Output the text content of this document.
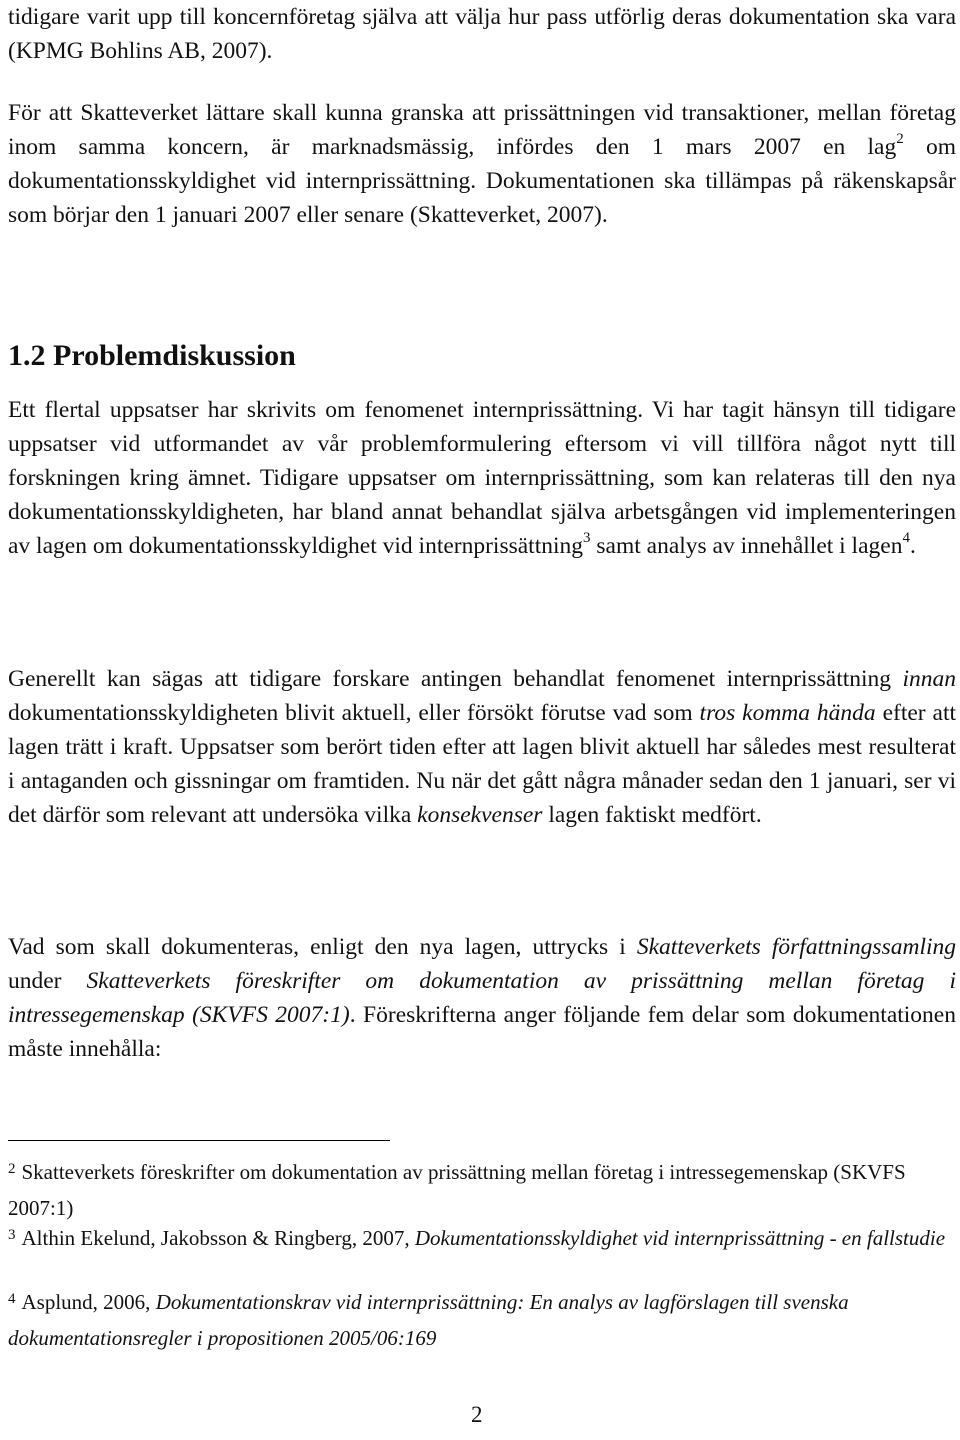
tidigare varit upp till koncernföretag själva att välja hur pass utförlig deras dokumentation ska vara (KPMG Bohlins AB, 2007).

För att Skatteverket lättare skall kunna granska att prissättningen vid transaktioner, mellan företag inom samma koncern, är marknadsmässig, infördes den 1 mars 2007 en lag$^2$ om dokumentationsskyldighet vid internprissättning. Dokumentationen ska tillämpas på räkenskapsår som börjar den 1 januari 2007 eller senare (Skatteverket, 2007).

1.2 Problemdiskussion

Ett flertal uppsatser har skrivits om fenomenet internprissättning. Vi har tagit hänsyn till tidigare uppsatser vid utformandet av vår problemformulering eftersom vi vill tillföra något nytt till forskningen kring ämnet. Tidigare uppsatser om internprissättning, som kan relateras till den nya dokumentationsskyldigheten, har bland annat behandlat själva arbetsgången vid implementeringen av lagen om dokumentationsskyldighet vid internprissättning$^3$ samt analys av innehållet i lagen$^4$.

Generellt kan sägas att tidigare forskare antingen behandlat fenomenet internprissättning innan dokumentationsskyldigheten blivit aktuell, eller försökt förutse vad som tros komma hända efter att lagen trätt i kraft. Uppsatser som berört tiden efter att lagen blivit aktuell har således mest resulterat i antaganden och gissningar om framtiden. Nu när det gått några månader sedan den 1 januari, ser vi det därför som relevant att undersöka vilka konsekvenser lagen faktiskt medfört.

Vad som skall dokumenteras, enligt den nya lagen, uttrycks i Skatteverkets författningssamling under Skatteverkets föreskrifter om dokumentation av prissättning mellan företag i intressegemenskap (SKVFS 2007:1). Föreskrifterna anger följande fem delar som dokumentationen måste innehålla:

$^2$ Skatteverkets föreskrifter om dokumentation av prissättning mellan företag i intressegemenskap (SKVFS 2007:1)

$^3$ Althin Ekelund, Jakobsson & Ringberg, 2007, Dokumentationsskyldighet vid internprissättning - en fallstudie

$^4$ Asplund, 2006, Dokumentationskrav vid internprissättning: En analys av lagförslagen till svenska dokumentationsregler i propositionen 2005/06:169

2
